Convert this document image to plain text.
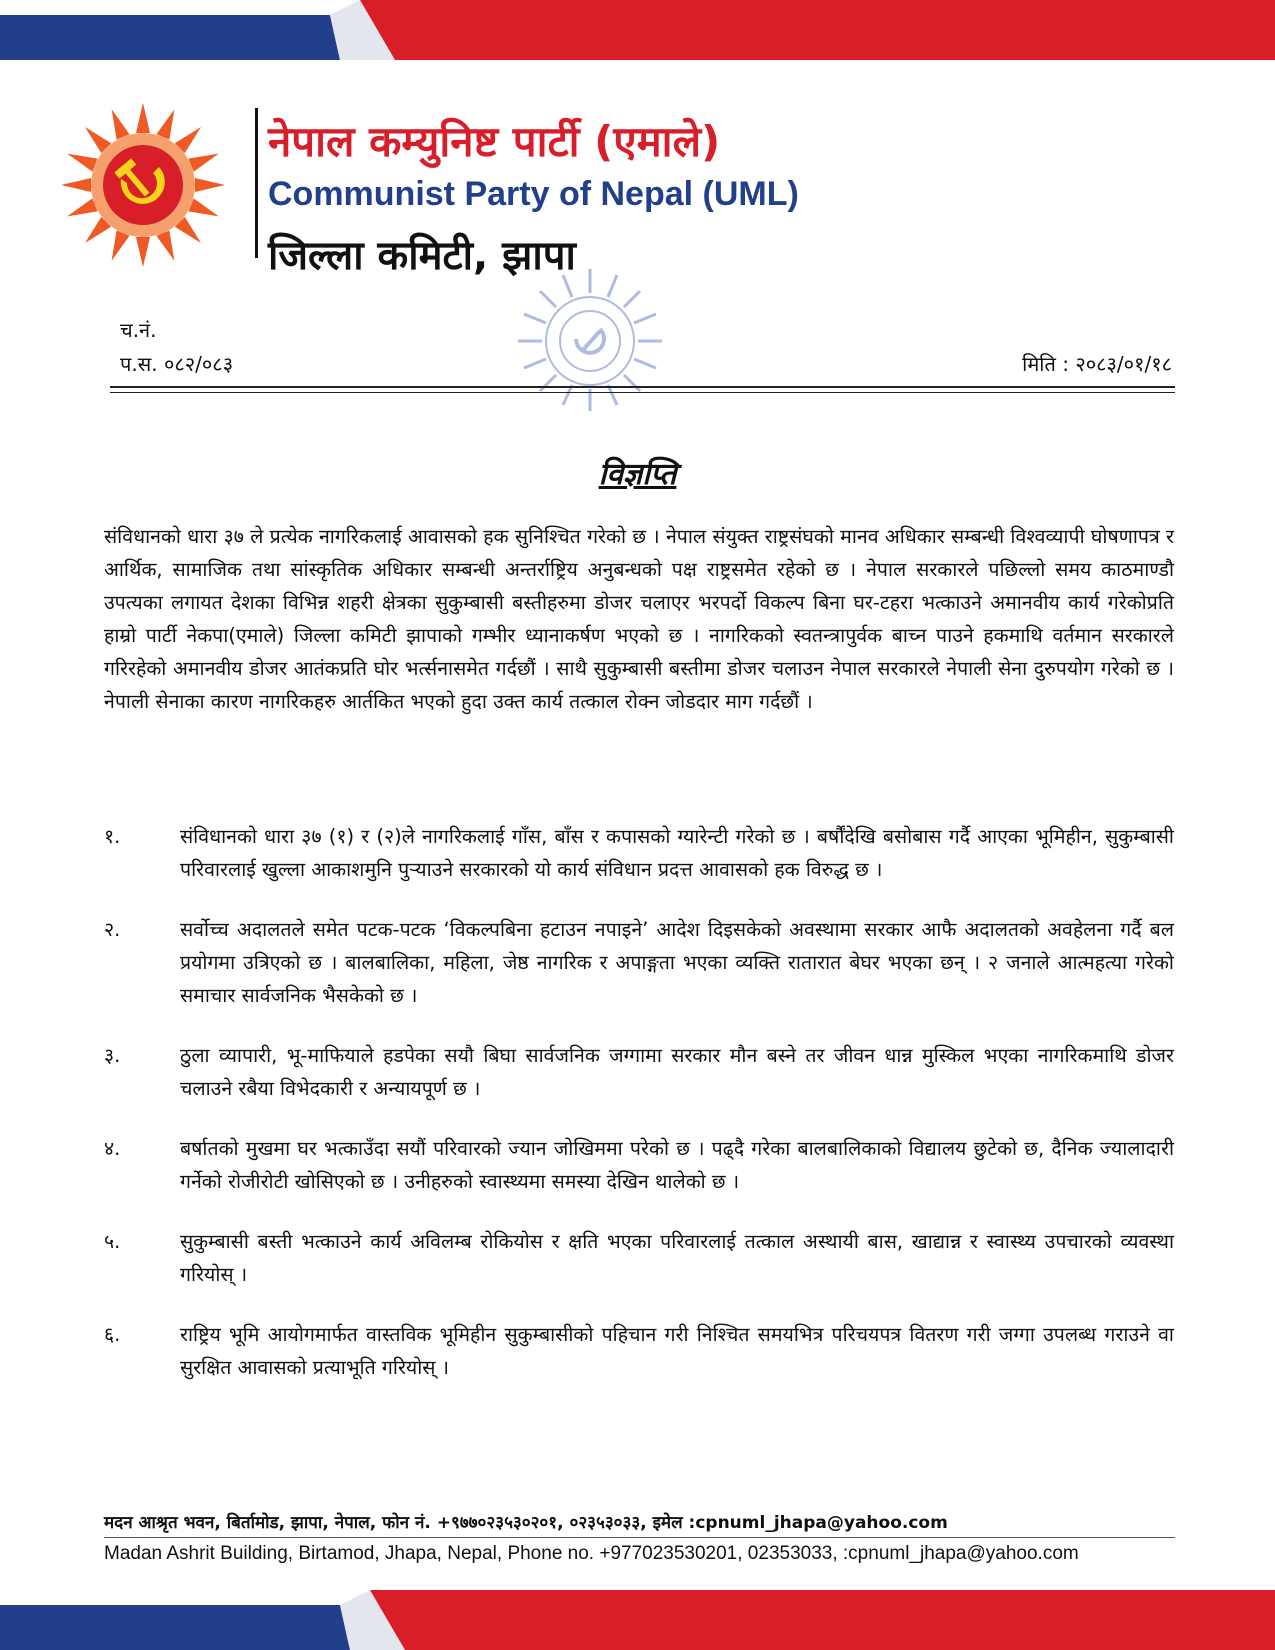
नेपाल कम्युनिष्ट पार्टी (एमाले)
Communist Party of Nepal (UML)
जिल्ला कमिटी, झापा
च.नं.
प.स. ०८२/०८३	मिति : २०८३/०१/१८
विज्ञप्ति

संविधानको धारा ३७ ले प्रत्येक नागरिकलाई आवासको हक सुनिश्चित गरेको छ । नेपाल संयुक्त राष्ट्रसंघको मानव अधिकार सम्बन्धी विश्वव्यापी घोषणापत्र र आर्थिक, सामाजिक तथा सांस्कृतिक अधिकार सम्बन्धी अन्तर्राष्ट्रिय अनुबन्धको पक्ष राष्ट्रसमेत रहेको छ । नेपाल सरकारले पछिल्लो समय काठमाण्डौ उपत्यका लगायत देशका विभिन्न शहरी क्षेत्रका सुकुम्बासी बस्तीहरुमा डोजर चलाएर भरपर्दो विकल्प बिना घर-टहरा भत्काउने अमानवीय कार्य गरेकोप्रति हाम्रो पार्टी नेकपा(एमाले) जिल्ला कमिटी झापाको गम्भीर ध्यानाकर्षण भएको छ । नागरिकको स्वतन्त्रापुर्वक बाच्न पाउने हकमाथि वर्तमान सरकारले गरिरहेको अमानवीय डोजर आतंकप्रति घोर भर्त्सनासमेत गर्दछौं । साथै सुकुम्बासी बस्तीमा डोजर चलाउन नेपाल सरकारले नेपाली सेना दुरुपयोग गरेको छ । नेपाली सेनाका कारण नागरिकहरु आर्तकित भएको हुदा उक्त कार्य तत्काल रोक्न जोडदार माग गर्दछौं ।

१.	संविधानको धारा ३७ (१) र (२)ले नागरिकलाई गाँस, बाँस र कपासको ग्यारेन्टी गरेको छ । बर्षौंदेखि बसोबास गर्दै आएका भूमिहीन, सुकुम्बासी परिवारलाई खुल्ला आकाशमुनि पुऱ्याउने सरकारको यो कार्य संविधान प्रदत्त आवासको हक विरुद्ध छ ।
२.	सर्वोच्च अदालतले समेत पटक-पटक ‘विकल्पबिना हटाउन नपाइने’ आदेश दिइसकेको अवस्थामा सरकार आफै अदालतको अवहेलना गर्दै बल प्रयोगमा उत्रिएको छ । बालबालिका, महिला, जेष्ठ नागरिक र अपाङ्गता भएका व्यक्ति रातारात बेघर भएका छन् । २ जनाले आत्महत्या गरेको समाचार सार्वजनिक भैसकेको छ ।
३.	ठुला व्यापारी, भू-माफियाले हडपेका सयौ बिघा सार्वजनिक जग्गामा सरकार मौन बस्ने तर जीवन धान्न मुस्किल भएका नागरिकमाथि डोजर चलाउने रबैया विभेदकारी र अन्यायपूर्ण छ ।
४.	बर्षातको मुखमा घर भत्काउँदा सयौं परिवारको ज्यान जोखिममा परेको छ । पढ्दै गरेका बालबालिकाको विद्यालय छुटेको छ, दैनिक ज्यालादारी गर्नेको रोजीरोटी खोसिएको छ । उनीहरुको स्वास्थ्यमा समस्या देखिन थालेको छ ।
५.	सुकुम्बासी बस्ती भत्काउने कार्य अविलम्ब रोकियोस र क्षति भएका परिवारलाई तत्काल अस्थायी बास, खाद्यान्न र स्वास्थ्य उपचारको व्यवस्था गरियोस् ।
६.	राष्ट्रिय भूमि आयोगमार्फत वास्तविक भूमिहीन सुकुम्बासीको पहिचान गरी निश्चित समयभित्र परिचयपत्र वितरण गरी जग्गा उपलब्ध गराउने वा सुरक्षित आवासको प्रत्याभूति गरियोस् ।
मदन आश्रृत भवन, बिर्तामोड, झापा, नेपाल, फोन नं. +९७७०२३५३०२०१, ०२३५३०३३, इमेल :cpnuml_jhapa@yahoo.com
Madan Ashrit Building, Birtamod, Jhapa, Nepal, Phone no. +977023530201, 02353033, :cpnuml_jhapa@yahoo.com
